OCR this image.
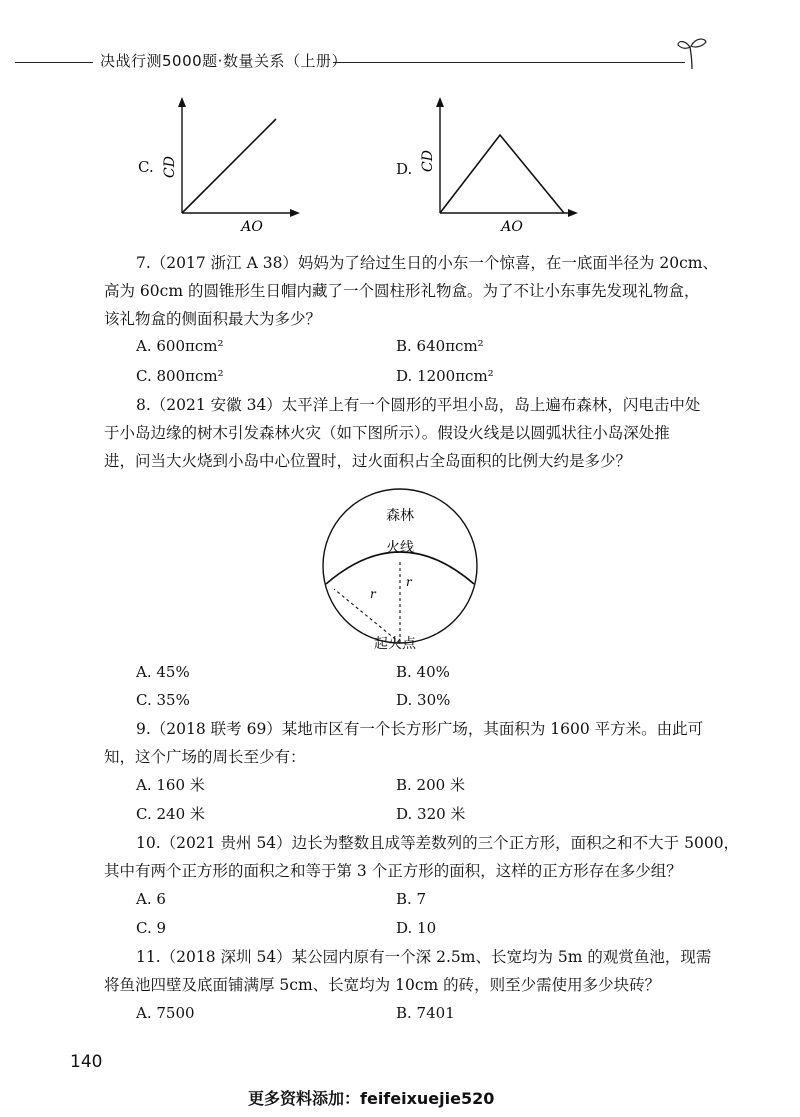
决战行测5000题·数量关系（上册）
C. CD
AO
D. CD
AO
7.（2017 浙江 A 38）妈妈为了给过生日的小东一个惊喜，在一底面半径为 20cm、
高为 60cm 的圆锥形生日帽内藏了一个圆柱形礼物盒。为了不让小东事先发现礼物盒，
该礼物盒的侧面积最大为多少？
A. 600πcm²	B. 640πcm²
C. 800πcm²	D. 1200πcm²
8.（2021 安徽 34）太平洋上有一个圆形的平坦小岛，岛上遍布森林，闪电击中处
于小岛边缘的树木引发森林火灾（如下图所示）。假设火线是以圆弧状往小岛深处推
进，问当大火烧到小岛中心位置时，过火面积占全岛面积的比例大约是多少？
森林
火线
r
r
起火点
A. 45%	B. 40%
C. 35%	D. 30%
9.（2018 联考 69）某地市区有一个长方形广场，其面积为 1600 平方米。由此可
知，这个广场的周长至少有：
A. 160 米	B. 200 米
C. 240 米	D. 320 米
10.（2021 贵州 54）边长为整数且成等差数列的三个正方形，面积之和不大于 5000，
其中有两个正方形的面积之和等于第 3 个正方形的面积，这样的正方形存在多少组？
A. 6	B. 7
C. 9	D. 10
11.（2018 深圳 54）某公园内原有一个深 2.5m、长宽均为 5m 的观赏鱼池，现需
将鱼池四壁及底面铺满厚 5cm、长宽均为 10cm 的砖，则至少需使用多少块砖？
A. 7500	B. 7401
140
更多资料添加：feifeixuejie520
